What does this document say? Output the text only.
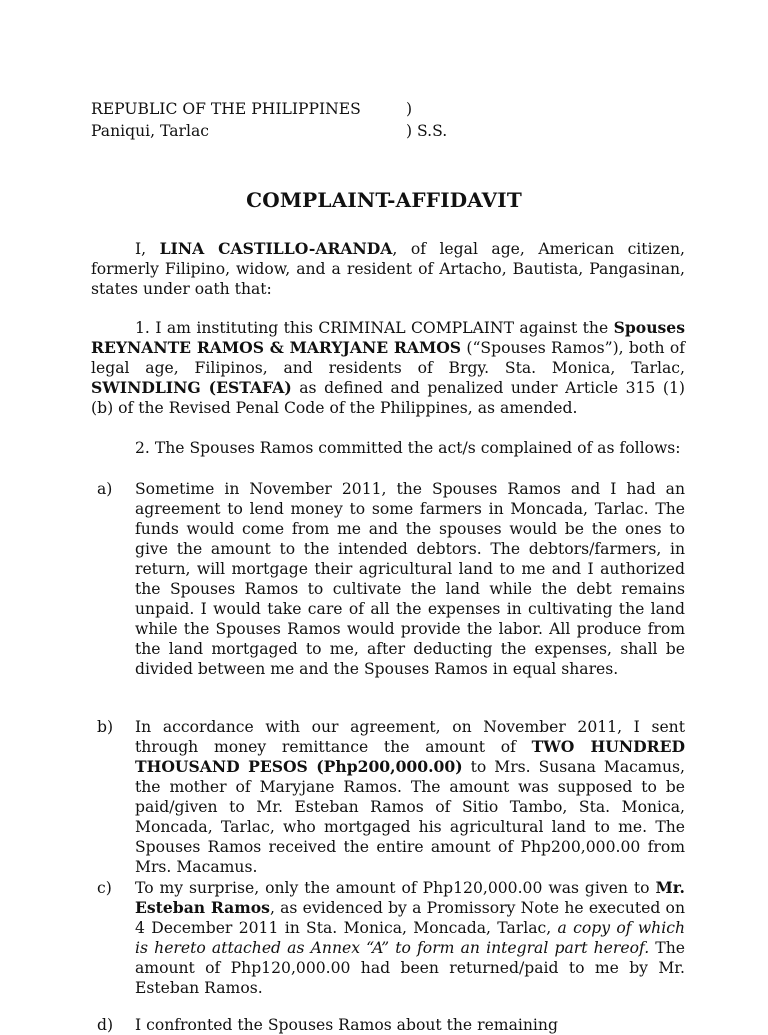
REPUBLIC OF THE PHILIPPINES	)
Paniqui, Tarlac	) S.S.
COMPLAINT-AFFIDAVIT
I, LINA CASTILLO-ARANDA, of legal age, American citizen, formerly Filipino, widow, and a resident of Artacho, Bautista, Pangasinan, states under oath that:
1. I am instituting this CRIMINAL COMPLAINT against the Spouses REYNANTE RAMOS & MARYJANE RAMOS (“Spouses Ramos”), both of legal age, Filipinos, and residents of Brgy. Sta. Monica, Tarlac, SWINDLING (ESTAFA) as defined and penalized under Article 315 (1) (b) of the Revised Penal Code of the Philippines, as amended.
2. The Spouses Ramos committed the act/s complained of as follows:
a) Sometime in November 2011, the Spouses Ramos and I had an agreement to lend money to some farmers in Moncada, Tarlac. The funds would come from me and the spouses would be the ones to give the amount to the intended debtors. The debtors/farmers, in return, will mortgage their agricultural land to me and I authorized the Spouses Ramos to cultivate the land while the debt remains unpaid. I would take care of all the expenses in cultivating the land while the Spouses Ramos would provide the labor. All produce from the land mortgaged to me, after deducting the expenses, shall be divided between me and the Spouses Ramos in equal shares.
b) In accordance with our agreement, on November 2011, I sent through money remittance the amount of TWO HUNDRED THOUSAND PESOS (Php200,000.00) to Mrs. Susana Macamus, the mother of Maryjane Ramos. The amount was supposed to be paid/given to Mr. Esteban Ramos of Sitio Tambo, Sta. Monica, Moncada, Tarlac, who mortgaged his agricultural land to me. The Spouses Ramos received the entire amount of Php200,000.00 from Mrs. Macamus.
c) To my surprise, only the amount of Php120,000.00 was given to Mr. Esteban Ramos, as evidenced by a Promissory Note he executed on 4 December 2011 in Sta. Monica, Moncada, Tarlac, a copy of which is hereto attached as Annex “A” to form an integral part hereof. The amount of Php120,000.00 had been returned/paid to me by Mr. Esteban Ramos.
d) I confronted the Spouses Ramos about the remaining
